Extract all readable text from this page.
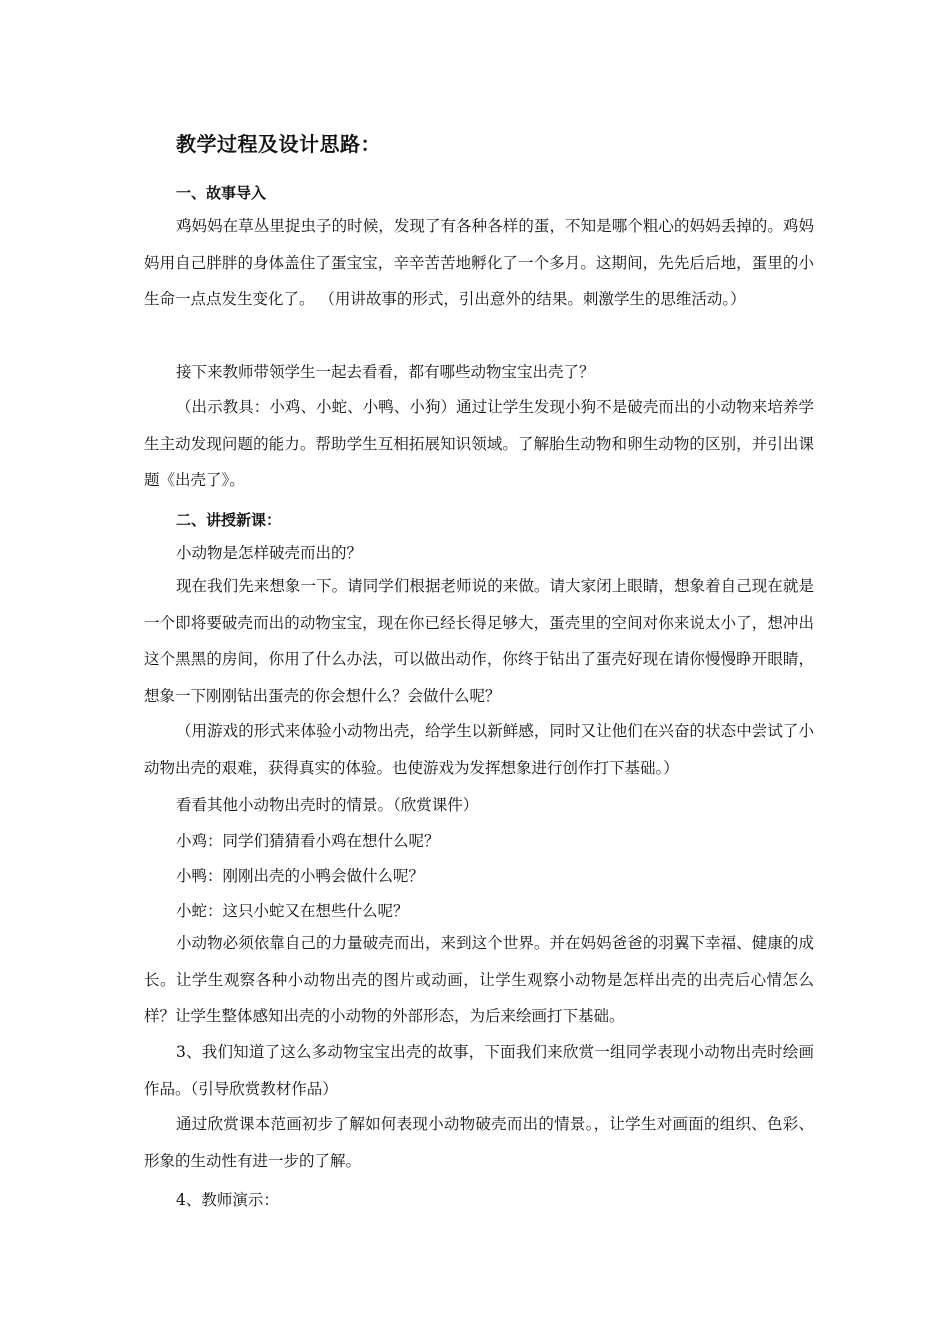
教学过程及设计思路：
一、故事导入
鸡妈妈在草丛里捉虫子的时候，发现了有各种各样的蛋，不知是哪个粗心的妈妈丢掉的。鸡妈妈用自己胖胖的身体盖住了蛋宝宝，辛辛苦苦地孵化了一个多月。这期间，先先后后地，蛋里的小生命一点点发生变化了。 （用讲故事的形式，引出意外的结果。刺激学生的思维活动。）
接下来教师带领学生一起去看看，都有哪些动物宝宝出壳了？
（出示教具：小鸡、小蛇、小鸭、小狗）通过让学生发现小狗不是破壳而出的小动物来培养学生主动发现问题的能力。帮助学生互相拓展知识领域。了解胎生动物和卵生动物的区别，并引出课题《出壳了》。
二、讲授新课：
小动物是怎样破壳而出的？
现在我们先来想象一下。请同学们根据老师说的来做。请大家闭上眼睛，想象着自己现在就是一个即将要破壳而出的动物宝宝，现在你已经长得足够大，蛋壳里的空间对你来说太小了，想冲出这个黑黑的房间，你用了什么办法，可以做出动作，你终于钻出了蛋壳好现在请你慢慢睁开眼睛，想象一下刚刚钻出蛋壳的你会想什么？会做什么呢？
（用游戏的形式来体验小动物出壳，给学生以新鲜感，同时又让他们在兴奋的状态中尝试了小动物出壳的艰难，获得真实的体验。也使游戏为发挥想象进行创作打下基础。）
看看其他小动物出壳时的情景。（欣赏课件）
小鸡：同学们猜猜看小鸡在想什么呢？
小鸭：刚刚出壳的小鸭会做什么呢？
小蛇：这只小蛇又在想些什么呢？
小动物必须依靠自己的力量破壳而出，来到这个世界。并在妈妈爸爸的羽翼下幸福、健康的成长。让学生观察各种小动物出壳的图片或动画，让学生观察小动物是怎样出壳的出壳后心情怎么样？让学生整体感知出壳的小动物的外部形态，为后来绘画打下基础。
3、我们知道了这么多动物宝宝出壳的故事，下面我们来欣赏一组同学表现小动物出壳时绘画作品。（引导欣赏教材作品）
通过欣赏课本范画初步了解如何表现小动物破壳而出的情景。，让学生对画面的组织、色彩、形象的生动性有进一步的了解。
4、教师演示：
